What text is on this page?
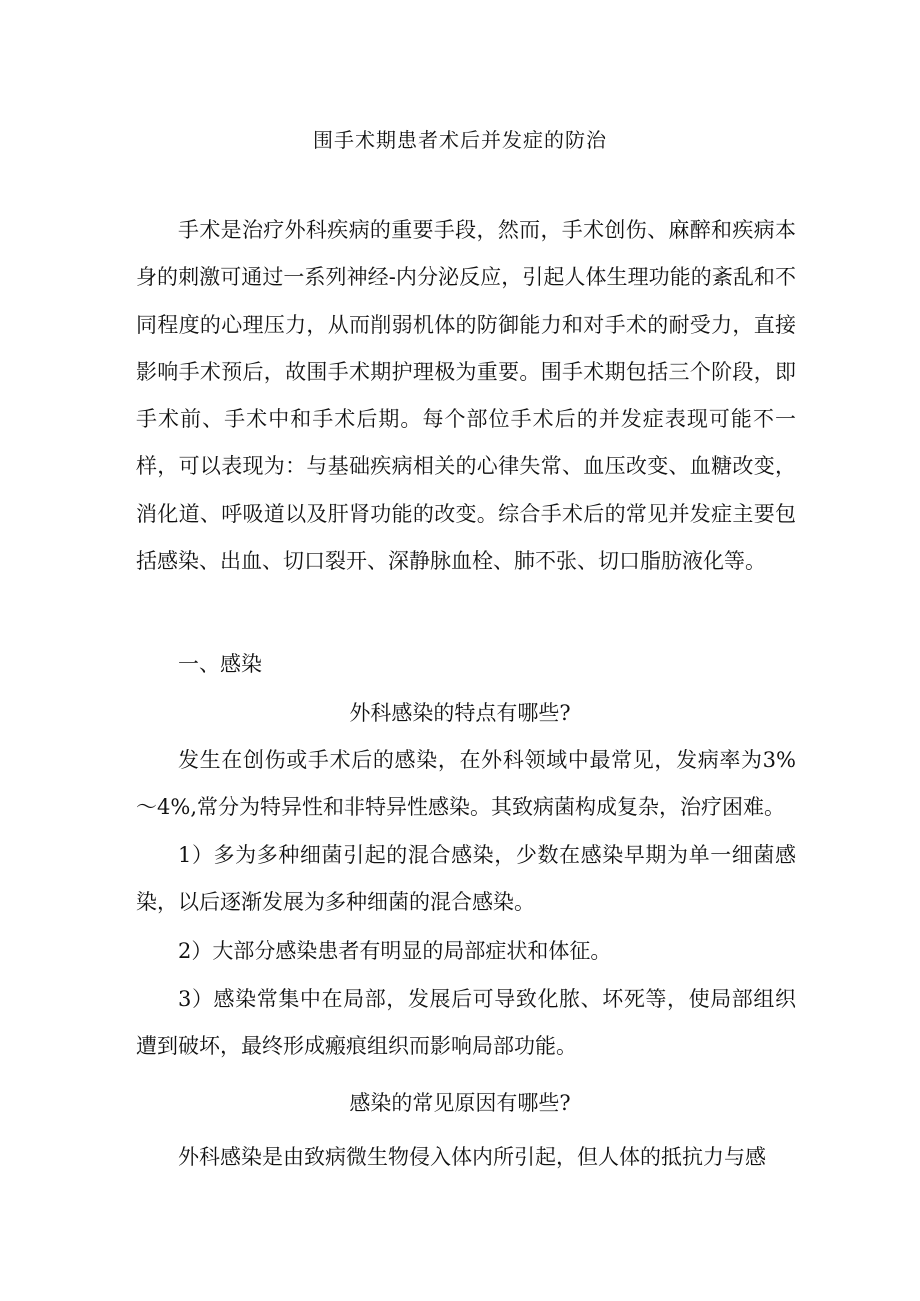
围手术期患者术后并发症的防治

手术是治疗外科疾病的重要手段，然而，手术创伤、麻醉和疾病本身的刺激可通过一系列神经-内分泌反应，引起人体生理功能的紊乱和不同程度的心理压力，从而削弱机体的防御能力和对手术的耐受力，直接影响手术预后，故围手术期护理极为重要。围手术期包括三个阶段，即手术前、手术中和手术后期。每个部位手术后的并发症表现可能不一样，可以表现为：与基础疾病相关的心律失常、血压改变、血糖改变，消化道、呼吸道以及肝肾功能的改变。综合手术后的常见并发症主要包括感染、出血、切口裂开、深静脉血栓、肺不张、切口脂肪液化等。

一、感染
外科感染的特点有哪些?

发生在创伤或手术后的感染，在外科领域中最常见，发病率为3%～4%,常分为特异性和非特异性感染。其致病菌构成复杂，治疗困难。

1）多为多种细菌引起的混合感染，少数在感染早期为单一细菌感染，以后逐渐发展为多种细菌的混合感染。

2）大部分感染患者有明显的局部症状和体征。

3）感染常集中在局部，发展后可导致化脓、坏死等，使局部组织遭到破坏，最终形成瘢痕组织而影响局部功能。

感染的常见原因有哪些?

外科感染是由致病微生物侵入体内所引起，但人体的抵抗力与感
